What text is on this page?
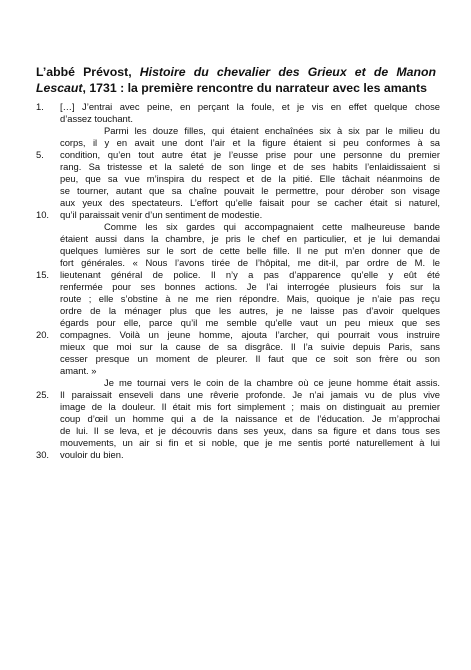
L’abbé Prévost, Histoire du chevalier des Grieux et de Manon Lescaut, 1731 : la première rencontre du narrateur avec les amants
1.	[…] J’entrai avec peine, en perçant la foule, et je vis en effet quelque chose
d’assez touchant.
Parmi les douze filles, qui étaient enchaînées six à six par le milieu du
corps, il y en avait une dont l’air et la figure étaient si peu conformes à sa
5.	condition, qu’en tout autre état je l’eusse prise pour une personne du premier
rang. Sa tristesse et la saleté de son linge et de ses habits l’enlaidissaient si
peu, que sa vue m’inspira du respect et de la pitié. Elle tâchait néanmoins de
se tourner, autant que sa chaîne pouvait le permettre, pour dérober son visage
aux yeux des spectateurs. L’effort qu’elle faisait pour se cacher était si naturel,
10.	qu’il paraissait venir d’un sentiment de modestie.
Comme les six gardes qui accompagnaient cette malheureuse bande
étaient aussi dans la chambre, je pris le chef en particulier, et je lui demandai
quelques lumières sur le sort de cette belle fille. Il ne put m’en donner que de
fort générales. « Nous l’avons tirée de l’hôpital, me dit-il, par ordre de M. le
15.	lieutenant général de police. Il n’y a pas d’apparence qu’elle y eût été
renfermée pour ses bonnes actions. Je l’ai interrogée plusieurs fois sur la
route ; elle s’obstine à ne me rien répondre. Mais, quoique je n’aie pas reçu
ordre de la ménager plus que les autres, je ne laisse pas d’avoir quelques
égards pour elle, parce qu’il me semble qu’elle vaut un peu mieux que ses
20.	compagnes. Voilà un jeune homme, ajouta l’archer, qui pourrait vous instruire
mieux que moi sur la cause de sa disgrâce. Il l’a suivie depuis Paris, sans
cesser presque un moment de pleurer. Il faut que ce soit son frère ou son
amant. »
Je me tournai vers le coin de la chambre où ce jeune homme était assis.
25.	Il paraissait enseveli dans une rêverie profonde. Je n’ai jamais vu de plus vive
image de la douleur. Il était mis fort simplement ; mais on distinguait au premier
coup d’œil un homme qui a de la naissance et de l’éducation. Je m’approchai
de lui. Il se leva, et je découvris dans ses yeux, dans sa figure et dans tous ses
mouvements, un air si fin et si noble, que je me sentis porté naturellement à lui
30.	vouloir du bien.
